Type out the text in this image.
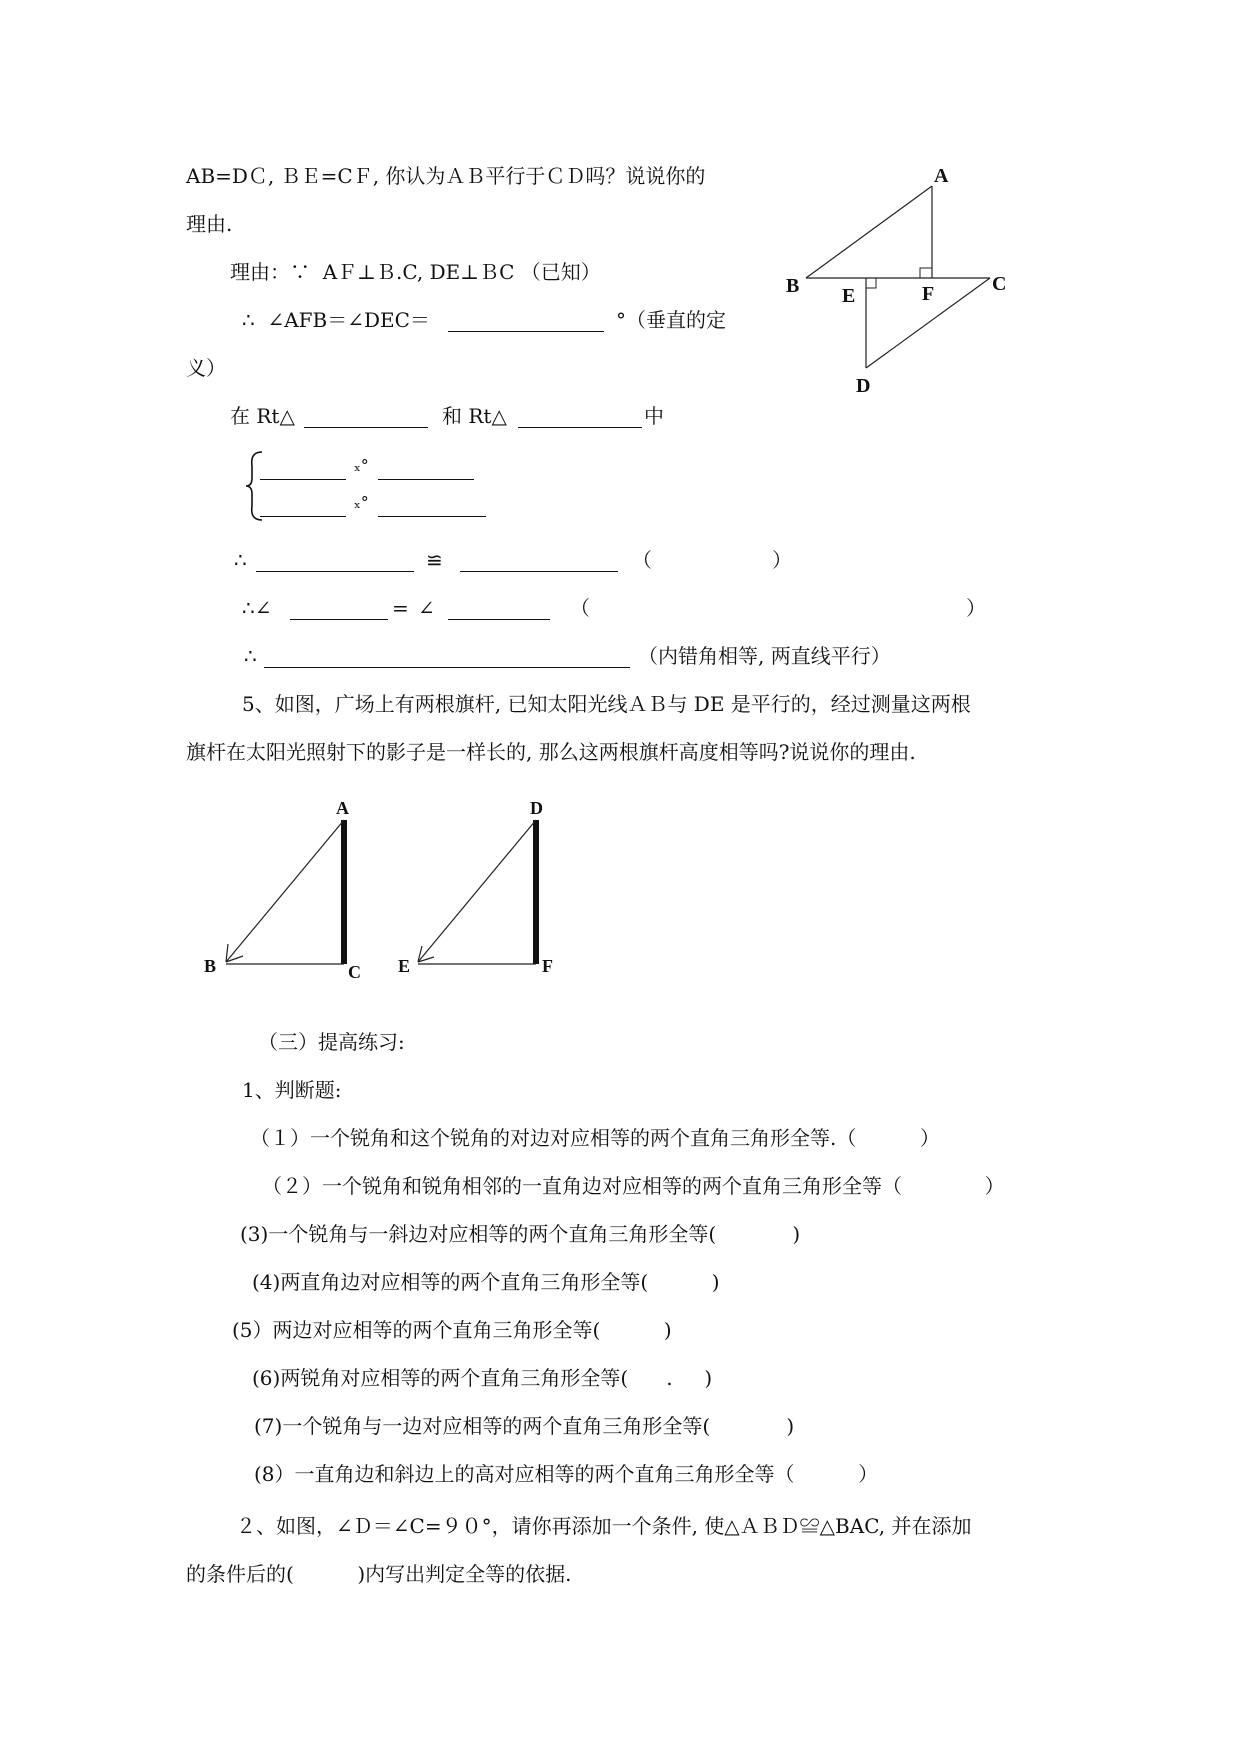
AB=DＣ, ＢＥ=CＦ, 你认为ＡＢ平行于ＣＤ吗？说说你的
理由.
理由：∵  AＦ⊥Ｂ.C, DE⊥ＢC （已知）
∴  ∠AFB＝∠DEC＝	°（垂直的定
义）
在 Rt△	和 Rt△	中
ₓ°
ₓ°
∴	≌	（	）
∴∠	= ∠	（	）
∴	（内错角相等, 两直线平行）
A
B	C
D
E	F
5、如图，广场上有两根旗杆, 已知太阳光线ＡＢ与 DE 是平行的，经过测量这两根
旗杆在太阳光照射下的影子是一样长的, 那么这两根旗杆高度相等吗?说说你的理由.
A
B	C
D
E	F
（三）提高练习:
1、判断题:
（１）一个锐角和这个锐角的对边对应相等的两个直角三角形全等.（          ）
（２）一个锐角和锐角相邻的一直角边对应相等的两个直角三角形全等（             ）
(3)一个锐角与一斜边对应相等的两个直角三角形全等(            )
(4)两直角边对应相等的两个直角三角形全等(          )
(5）两边对应相等的两个直角三角形全等(          )
(6)两锐角对应相等的两个直角三角形全等(      .     )
(7)一个锐角与一边对应相等的两个直角三角形全等(            )
(8）一直角边和斜边上的高对应相等的两个直角三角形全等（          ）
２、如图，∠Ｄ＝∠C=９０°，请你再添加一个条件, 使△ＡＢＤ≌△BAC, 并在添加
的条件后的(          )内写出判定全等的依据.
